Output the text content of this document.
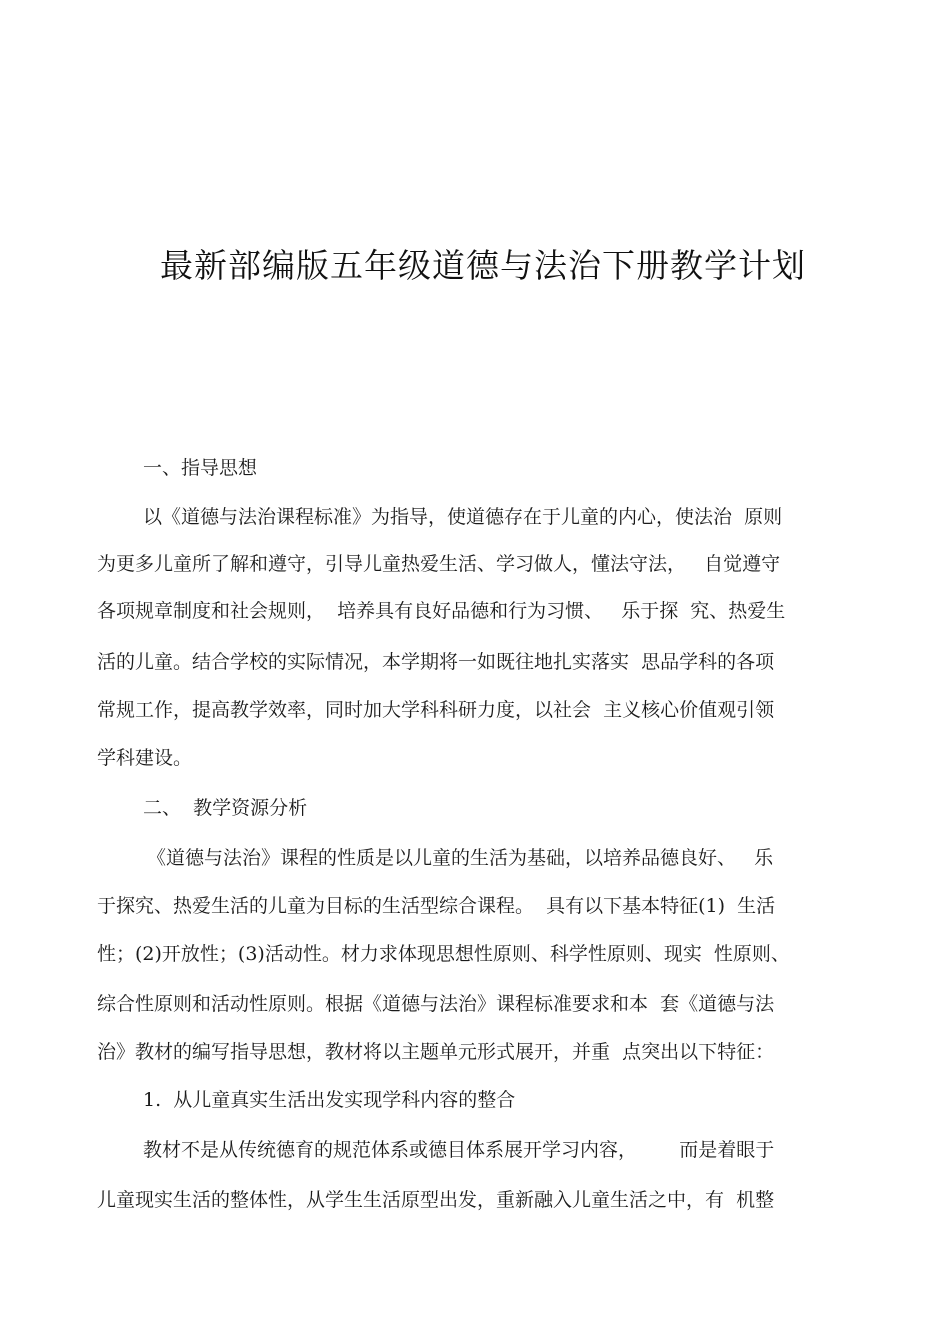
最新部编版五年级道德与法治下册教学计划
一、指导思想
以《道德与法治课程标准》为指导，使道德存在于儿童的内心，使法治  原则
为更多儿童所了解和遵守，引导儿童热爱生活、学习做人，懂法守法，   自觉遵守
各项规章制度和社会规则，  培养具有良好品德和行为习惯、   乐于探  究、热爱生
活的儿童。结合学校的实际情况，本学期将一如既往地扎实落实  思品学科的各项
常规工作，提高教学效率，同时加大学科科研力度，以社会  主义核心价值观引领
学科建设。
二、  教学资源分析
《道德与法治》课程的性质是以儿童的生活为基础，以培养品德良好、   乐
于探究、热爱生活的儿童为目标的生活型综合课程。  具有以下基本特征(1)  生活
性；(2)开放性；(3)活动性。材力求体现思想性原则、科学性原则、现实  性原则、
综合性原则和活动性原则。根据《道德与法治》课程标准要求和本  套《道德与法
治》教材的编写指导思想，教材将以主题单元形式展开，并重  点突出以下特征：
1.  从儿童真实生活出发实现学科内容的整合
教材不是从传统德育的规范体系或德目体系展开学习内容，       而是着眼于
儿童现实生活的整体性，从学生生活原型出发，重新融入儿童生活之中，有  机整
